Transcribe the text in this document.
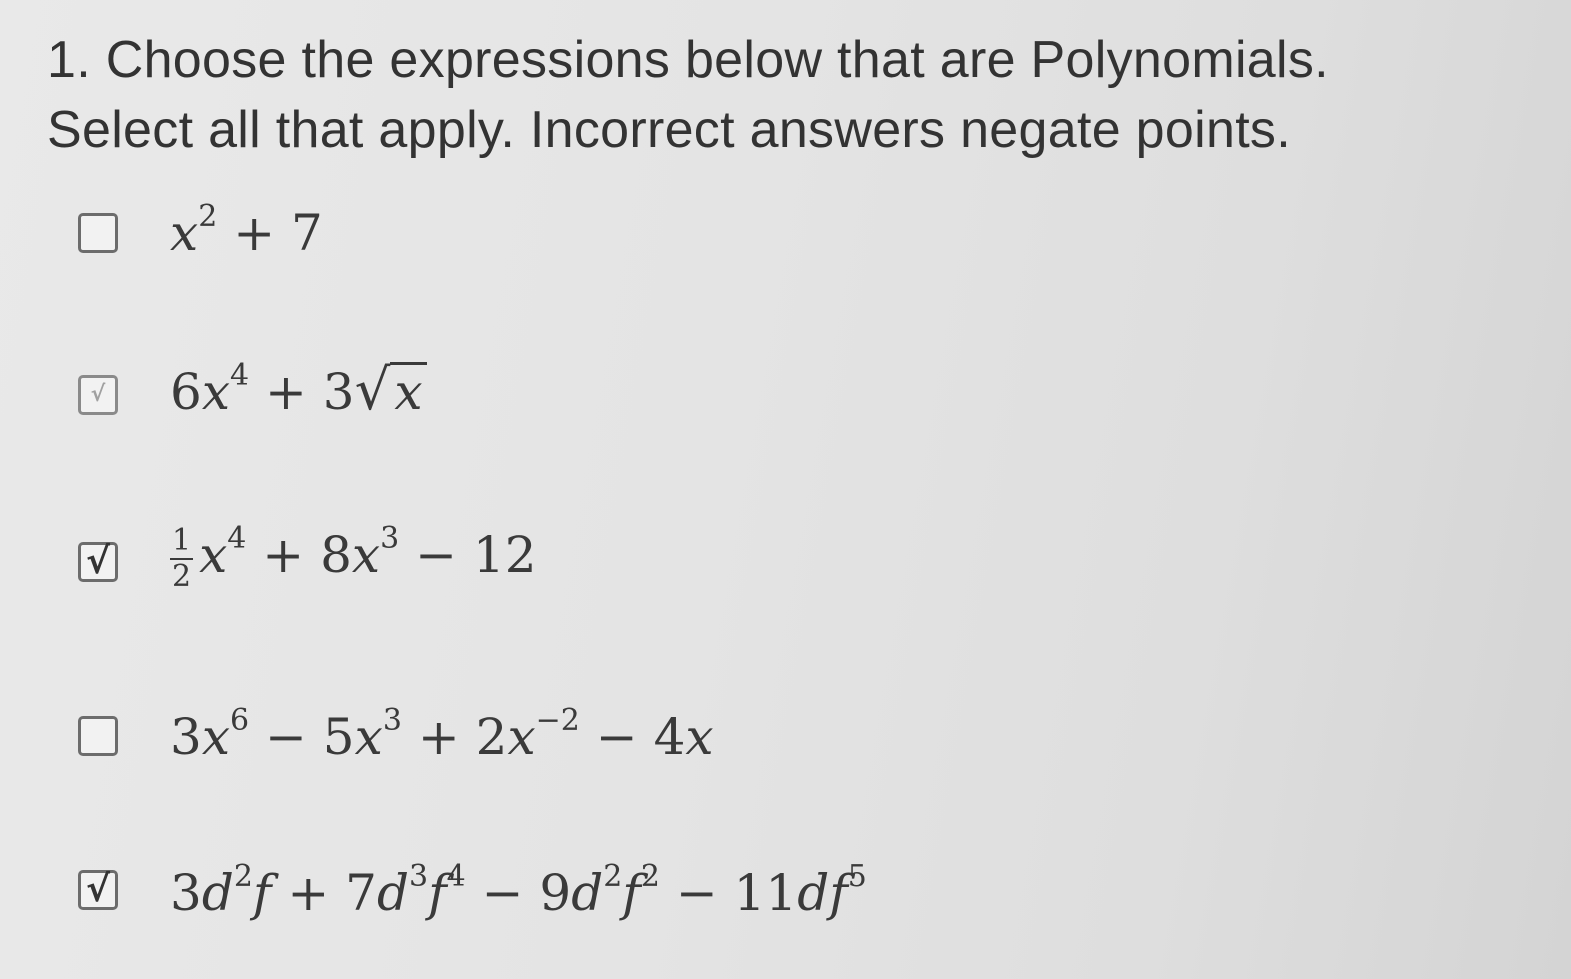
1. Choose the expressions below that are Polynomials.
Select all that apply. Incorrect answers negate points.
$x^2 + 7$
√ $6x^4 + 3√x$
√ $\frac{1}{2} x^4 + 8x^3 - 12$
$3x^6 - 5x^3 + 2x^{-2} - 4x$
√ $3d^2f + 7d^3f^4 - 9d^2f^2 - 11df^5$
